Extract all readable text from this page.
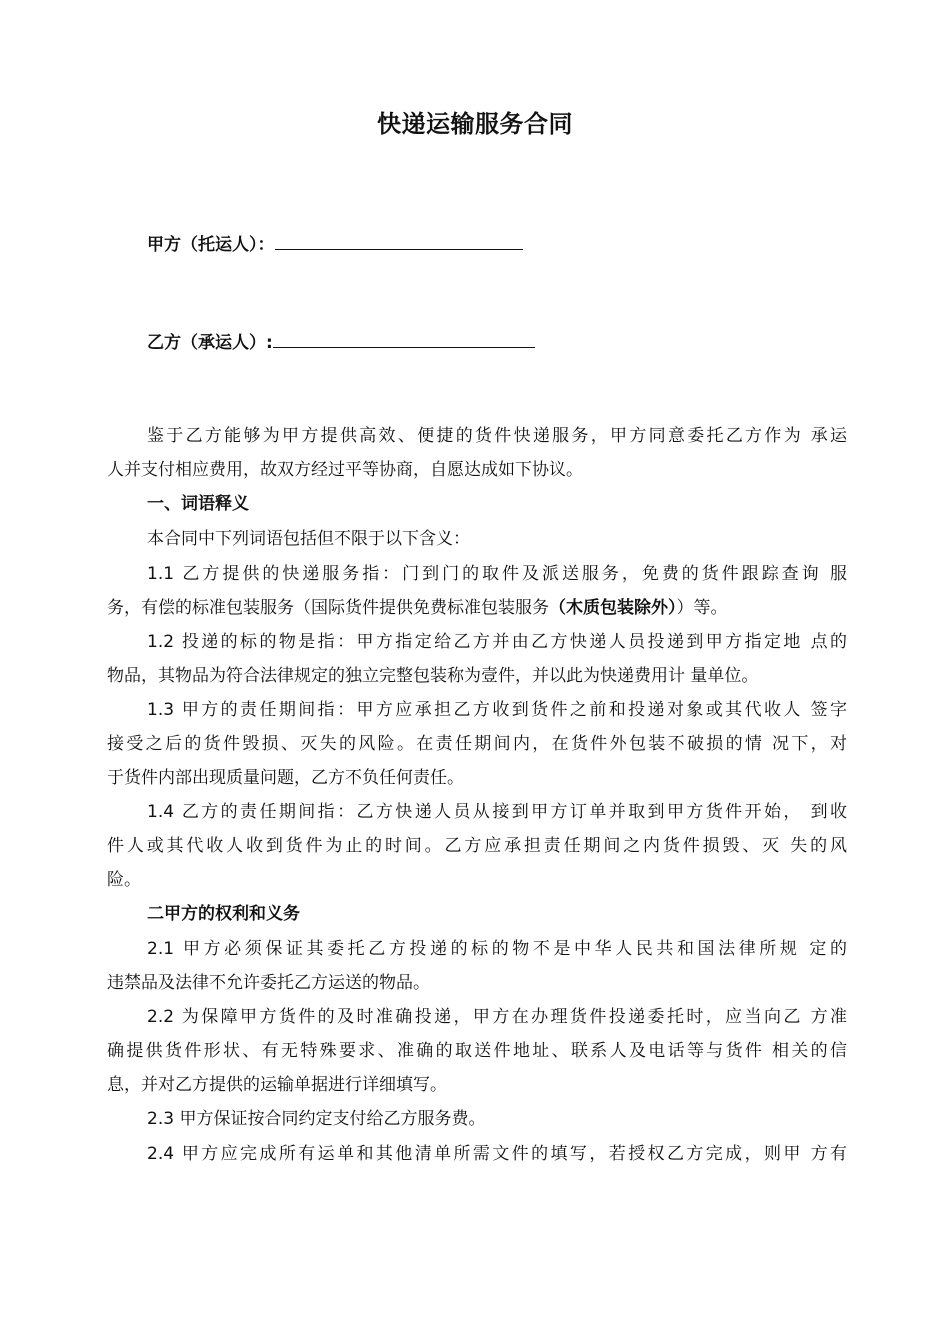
快递运输服务合同
甲方（托运人）：
乙方（承运人）:
鉴于乙方能够为甲方提供高效、便捷的货件快递服务，甲方同意委托乙方作为 承运
人并支付相应费用，故双方经过平等协商，自愿达成如下协议。
一、词语释义
本合同中下列词语包括但不限于以下含义：
1.1 乙方提供的快递服务指：门到门的取件及派送服务，免费的货件跟踪查询 服
务，有偿的标准包装服务（国际货件提供免费标准包装服务（木质包装除外））等。
1.2 投递的标的物是指：甲方指定给乙方并由乙方快递人员投递到甲方指定地 点的
物品，其物品为符合法律规定的独立完整包装称为壹件，并以此为快递费用计 量单位。
1.3 甲方的责任期间指：甲方应承担乙方收到货件之前和投递对象或其代收人 签字
接受之后的货件毁损、灭失的风险。在责任期间内，在货件外包装不破损的情 况下，对
于货件内部出现质量问题，乙方不负任何责任。
1.4 乙方的责任期间指：乙方快递人员从接到甲方订单并取到甲方货件开始， 到收
件人或其代收人收到货件为止的时间。乙方应承担责任期间之内货件损毁、灭 失的风
险。
二甲方的权利和义务
2.1 甲方必须保证其委托乙方投递的标的物不是中华人民共和国法律所规 定的
违禁品及法律不允许委托乙方运送的物品。
2.2 为保障甲方货件的及时准确投递，甲方在办理货件投递委托时，应当向乙 方准
确提供货件形状、有无特殊要求、准确的取送件地址、联系人及电话等与货件 相关的信
息，并对乙方提供的运输单据进行详细填写。
2.3 甲方保证按合同约定支付给乙方服务费。
2.4 甲方应完成所有运单和其他清单所需文件的填写，若授权乙方完成，则甲 方有
